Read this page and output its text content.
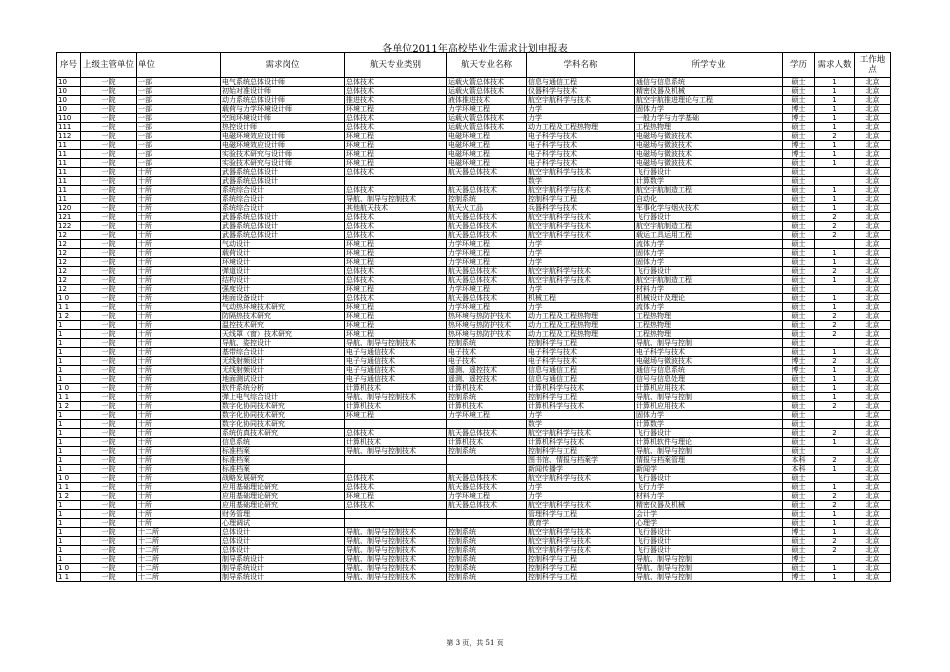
各单位2011年高校毕业生需求计划申报表
序号	上级主管单位	单位	需求岗位	航天专业类别	航天专业名称	学科名称	所学专业	学历	需求人数	工作地点
10	一院	一部	电气系统总体设计师	总体技术	运载火箭总体技术	信息与通信工程	通信与信息系统	硕士	1	北京
10	一院	一部	初始对准设计师	总体技术	运载火箭总体技术	仪器科学与技术	精密仪器及机械	硕士	1	北京
10	一院	一部	动力系统总体设计师	推进技术	液体推进技术	航空宇航科学与技术	航空宇航推进理论与工程	硕士	1	北京
10	一院	一部	载荷与力学环境设计师	环境工程	力学环境工程	力学	固体力学	博士	1	北京
110	一院	一部	空间环境设计师	总体技术	运载火箭总体技术	力学	一般力学与力学基础	博士	1	北京
111	一院	一部	热控设计师	总体技术	运载火箭总体技术	动力工程及工程热物理	工程热物理	硕士	1	北京
112	一院	一部	电磁环境效应设计师	环境工程	电磁环境工程	电子科学与技术	电磁场与微波技术	硕士	2	北京
11	一院	一部	电磁环境效应设计师	环境工程	电磁环境工程	电子科学与技术	电磁场与微波技术	博士	1	北京
11	一院	一部	实验技术研究与设计师	环境工程	电磁环境工程	电子科学与技术	电磁场与微波技术	博士	1	北京
11	一院	一部	实验技术研究与设计师	环境工程	电磁环境工程	电子科学与技术	电磁场与微波技术	硕士	1	北京
11	一院	十所	武器系统总体设计	总体技术	航天器总体技术	航空宇航科学与技术	飞行器设计	硕士		北京
11	一院	十所	武器系统总体设计			数学	计算数学	硕士		北京
11	一院	十所	系统综合设计	总体技术	航天器总体技术	航空宇航科学与技术	航空宇航制造工程	硕士	1	北京
11	一院	十所	系统综合设计	导航、制导与控制技术	控制系统	控制科学与工程	自动化	硕士	1	北京
120	一院	十所	系统综合设计	其他航天技术	航天火工品	兵器科学与技术	军事化学与烟火技术	硕士	1	北京
121	一院	十所	武器系统总体设计	总体技术	航天器总体技术	航空宇航科学与技术	飞行器设计	硕士	2	北京
122	一院	十所	武器系统总体设计	总体技术	航天器总体技术	航空宇航科学与技术	航空宇航制造工程	硕士	2	北京
12	一院	十所	武器系统总体设计	总体技术	航天器总体技术	航空宇航科学与技术	载运工具运用工程	硕士	2	北京
12	一院	十所	气动设计	环境工程	力学环境工程	力学	流体力学	硕士		北京
12	一院	十所	载荷设计	环境工程	力学环境工程	力学	固体力学	硕士	1	北京
12	一院	十所	环境设计	环境工程	力学环境工程	力学	固体力学	硕士	1	北京
12	一院	十所	弹道设计	总体技术	航天器总体技术	航空宇航科学与技术	飞行器设计	硕士	2	北京
12	一院	十所	结构设计	总体技术	航天器总体技术	航空宇航科学与技术	航空宇航制造工程	硕士	1	北京
12	一院	十所	强度设计	环境工程	力学环境工程	力学	材料力学	硕士		北京
1 0	一院	十所	地面设备设计	总体技术	航天器总体技术	机械工程	机械设计及理论	硕士	1	北京
1 1	一院	十所	气动热环境技术研究	环境工程	力学环境工程	力学	流体力学	硕士	1	北京
1 2	一院	十所	防隔热技术研究	环境工程	热环境与热防护技术	动力工程及工程热物理	工程热物理	硕士	2	北京
1	一院	十所	温控技术研究	环境工程	热环境与热防护技术	动力工程及工程热物理	工程热物理	硕士	2	北京
1	一院	十所	天线罩（窗）技术研究	环境工程	热环境与热防护技术	动力工程及工程热物理	工程热物理	硕士	2	北京
1	一院	十所	导航、姿控设计	导航、制导与控制技术	控制系统	控制科学与工程	导航、制导与控制	硕士		北京
1	一院	十所	基带综合设计	电子与通信技术	电子技术	电子科学与技术	电子科学与技术	硕士	1	北京
1	一院	十所	无线射频设计	电子与通信技术	电子技术	电子科学与技术	电磁场与微波技术	博士	2	北京
1	一院	十所	无线射频设计	电子与通信技术	遥测、遥控技术	信息与通信工程	通信与信息系统	博士	1	北京
1	一院	十所	地面测试设计	电子与通信技术	遥测、遥控技术	信息与通信工程	信号与信息处理	硕士	1	北京
1 0	一院	十所	软件系统分析	计算机技术	计算机技术	计算机科学与技术	计算机应用技术	硕士	1	北京
1 1	一院	十所	弹上电气综合设计	导航、制导与控制技术	控制系统	控制科学与工程	导航、制导与控制	硕士	1	北京
1 2	一院	十所	数字化协同技术研究	计算机技术	计算机技术	计算机科学与技术	计算机应用技术	硕士	2	北京
1	一院	十所	数字化协同技术研究	环境工程	力学环境工程	力学	固体力学	硕士		北京
1	一院	十所	数字化协同技术研究			数学	计算数学	硕士		北京
1	一院	十所	系统仿真技术研究	总体技术	航天器总体技术	航空宇航科学与技术	飞行器设计	硕士	2	北京
1	一院	十所	信息系统	计算机技术	计算机技术	计算机科学与技术	计算机软件与理论	硕士	1	北京
1	一院	十所	标准档案	导航、制导与控制技术	控制系统	控制科学与工程	导航、制导与控制	硕士		北京
1	一院	十所	标准档案			图书馆、情报与档案学	情报与档案管理	本科	2	北京
1	一院	十所	标准档案			新闻传播学	新闻学	本科	1	北京
1 0	一院	十所	战略发展研究	总体技术	航天器总体技术	航空宇航科学与技术	飞行器设计	硕士		北京
1 1	一院	十所	应用基础理论研究	总体技术	航天器总体技术	力学	飞行力学	硕士	1	北京
1 2	一院	十所	应用基础理论研究	环境工程	力学环境工程	力学	材料力学	硕士	2	北京
1	一院	十所	应用基础理论研究	总体技术	航天器总体技术	航空宇航科学与技术	精密仪器及机械	硕士	2	北京
1	一院	十所	财务管理			管理科学与工程	会计学	硕士	1	北京
1	一院	十所	心理调试			教育学	心理学	硕士	1	北京
1	一院	十二所	总体设计	导航、制导与控制技术	控制系统	航空宇航科学与技术	飞行器设计	博士	1	北京
1	一院	十二所	总体设计	导航、制导与控制技术	控制系统	航空宇航科学与技术	飞行器设计	硕士	2	北京
1	一院	十二所	总体设计	导航、制导与控制技术	控制系统	航空宇航科学与技术	飞行器设计	硕士	2	北京
1	一院	十二所	制导系统设计	导航、制导与控制技术	控制系统	控制科学与工程	导航、制导与控制	博士		北京
1 0	一院	十二所	制导系统设计	导航、制导与控制技术	控制系统	控制科学与工程	导航、制导与控制	硕士	1	北京
1 1	一院	十二所	制导系统设计	导航、制导与控制技术	控制系统	控制科学与工程	导航、制导与控制	博士	1	北京
第 3 页，共 51 页
